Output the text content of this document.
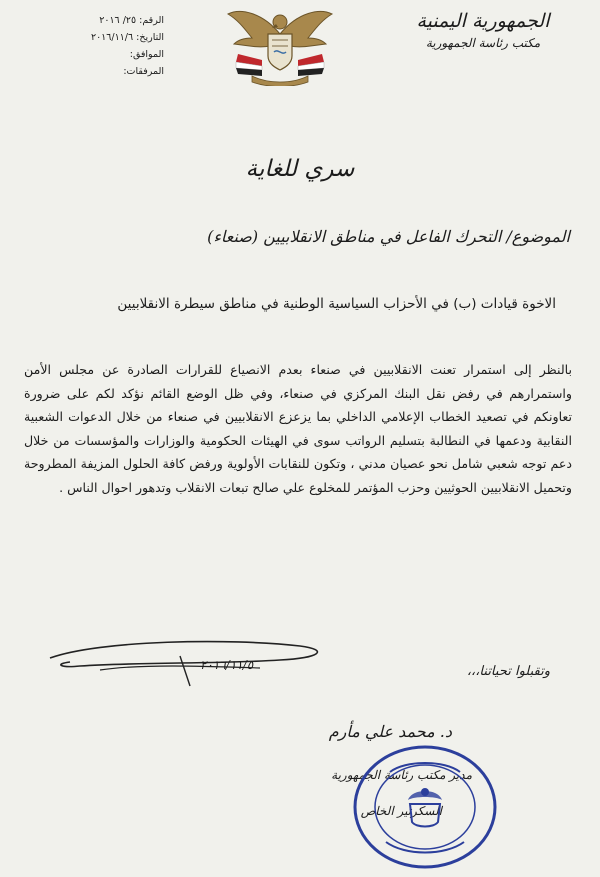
الجمهورية اليمنية
مكتب رئاسة الجمهورية
الرقم: ٢٥/ ٢٠١٦
التاريخ: ٢٠١٦/١١/٦
الموافق:
المرفقات:
سري للغاية
الموضوع/ التحرك الفاعل في مناطق الانقلابيين (صنعاء)
الاخوة قيادات (ب) في الأحزاب السياسية الوطنية في مناطق سيطرة الانقلابيين
بالنظر إلى استمرار تعنت الانقلابيين في صنعاء بعدم الانصياع للقرارات الصادرة عن مجلس الأمن واستمرارهم في رفض نقل البنك المركزي في صنعاء، وفي ظل الوضع القائم نؤكد لكم على ضرورة تعاونكم في تصعيد الخطاب الإعلامي الداخلي بما يزعزع الانقلابيين في صنعاء من خلال الدعوات الشعبية النقابية ودعمها في النطالبة بتسليم الرواتب سوى في الهيئات الحكومية والوزارات والمؤسسات من خلال دعم توجه شعبي شامل نحو عصيان مدني ، وتكون للنقابات الأولوية ورفض كافة الحلول المزيفة المطروحة وتحميل الانقلابيين الحوثيين وحزب المؤتمر للمخلوع علي صالح تبعات الانقلاب وتدهور احوال الناس .
٢٠١٦/١١/٥	وتقبلوا تحياتنا،،،
د. محمد علي مأرم
مدير مكتب رئاسة الجمهورية
السكرتير الخاص
